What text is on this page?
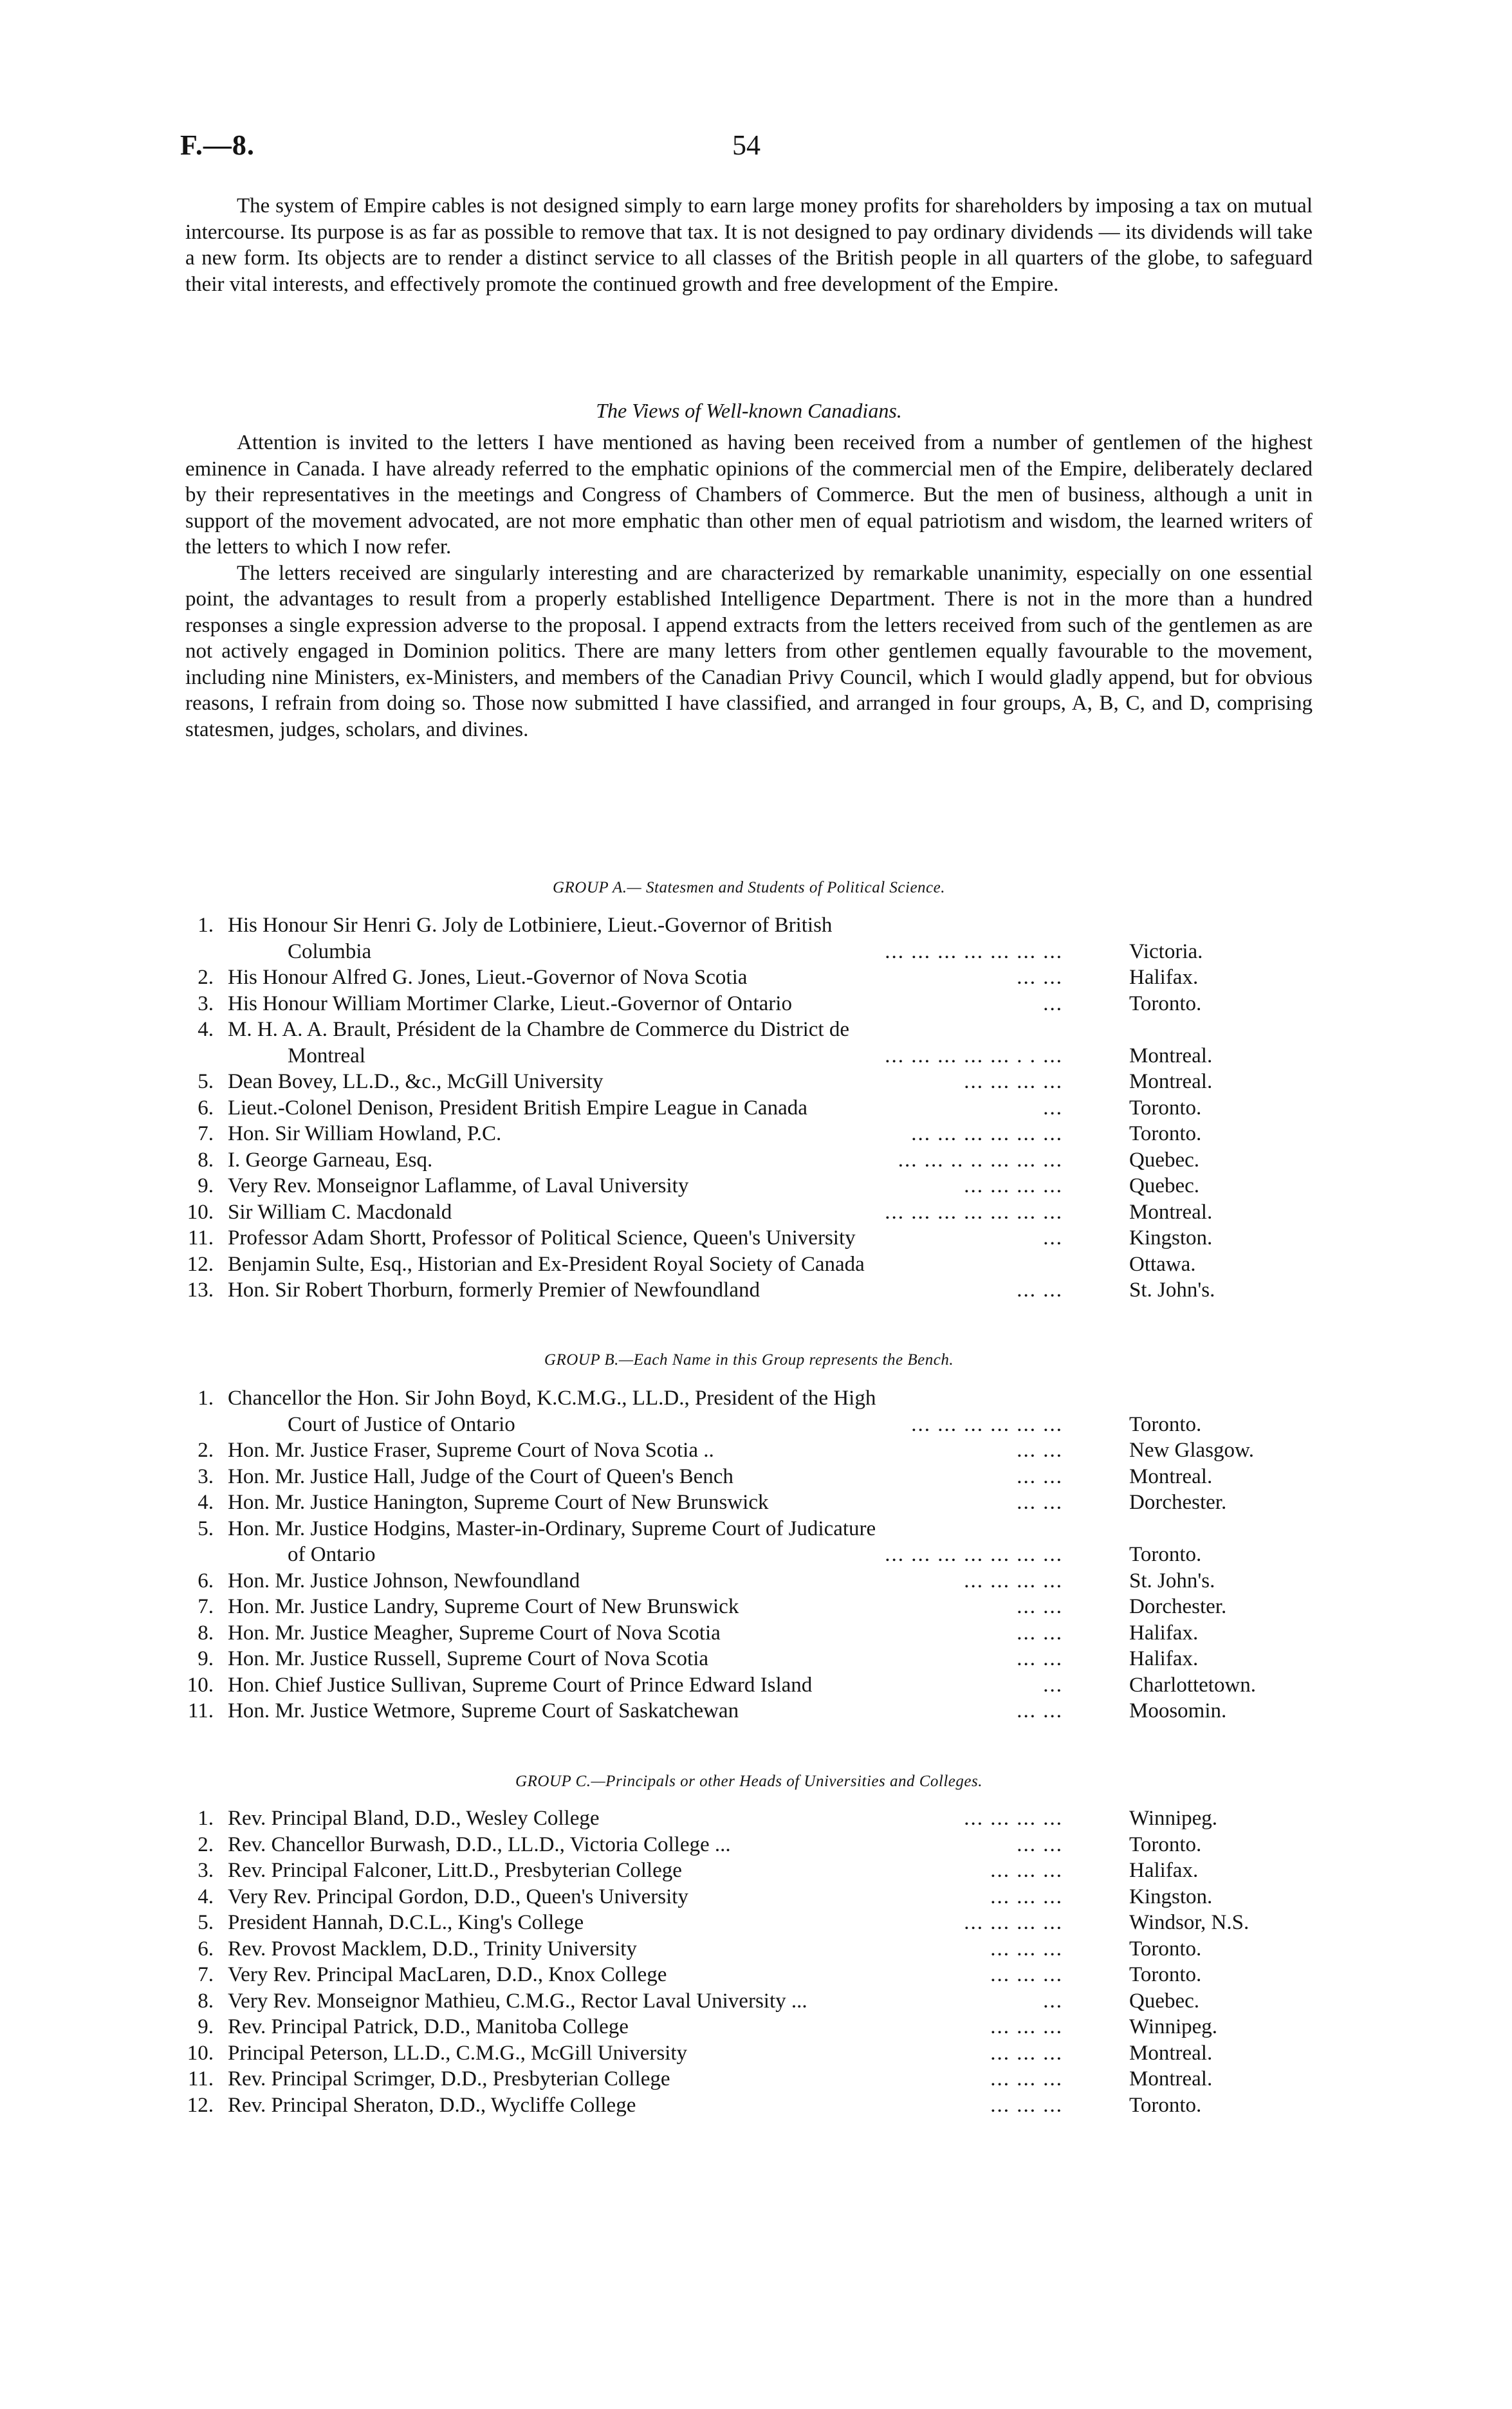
F.—8.	54

The system of Empire cables is not designed simply to earn large money profits for shareholders by imposing a tax on mutual intercourse. Its purpose is as far as possible to remove that tax. It is not designed to pay ordinary dividends — its dividends will take a new form. Its objects are to render a distinct service to all classes of the British people in all quarters of the globe, to safeguard their vital interests, and effectively promote the continued growth and free development of the Empire.

The Views of Well-known Canadians.

Attention is invited to the letters I have mentioned as having been received from a number of gentlemen of the highest eminence in Canada. I have already referred to the emphatic opinions of the commercial men of the Empire, deliberately declared by their representatives in the meetings and Congress of Chambers of Commerce. But the men of business, although a unit in support of the movement advocated, are not more emphatic than other men of equal patriotism and wisdom, the learned writers of the letters to which I now refer.

The letters received are singularly interesting and are characterized by remarkable unanimity, especially on one essential point, the advantages to result from a properly established Intelligence Department. There is not in the more than a hundred responses a single expression adverse to the proposal. I append extracts from the letters received from such of the gentlemen as are not actively engaged in Dominion politics. There are many letters from other gentlemen equally favourable to the movement, including nine Ministers, ex-Ministers, and members of the Canadian Privy Council, which I would gladly append, but for obvious reasons, I refrain from doing so. Those now submitted I have classified, and arranged in four groups, A, B, C, and D, comprising statesmen, judges, scholars, and divines.

GROUP A.— Statesmen and Students of Political Science.
1. His Honour Sir Henri G. Joly de Lotbiniere, Lieut.-Governor of British
Columbia	... ... ... ... ... ... ...	Victoria.
2. His Honour Alfred G. Jones, Lieut.-Governor of Nova Scotia	... ...	Halifax.
3. His Honour William Mortimer Clarke, Lieut.-Governor of Ontario	...	Toronto.
4. M. H. A. A. Brault, Président de la Chambre de Commerce du District de
Montreal	... ... ... ... ... . . ...	Montreal.
5. Dean Bovey, LL.D., &c., McGill University	... ... ... ...	Montreal.
6. Lieut.-Colonel Denison, President British Empire League in Canada	...	Toronto.
7. Hon. Sir William Howland, P.C.	... ... ... ... ... ...	Toronto.
8. I. George Garneau, Esq.	... ... .. .. ... ... ...	Quebec.
9. Very Rev. Monseignor Laflamme, of Laval University	... ... ... ...	Quebec.
10. Sir William C. Macdonald	... ... ... ... ... ... ...	Montreal.
11. Professor Adam Shortt, Professor of Political Science, Queen's University	...	Kingston.
12. Benjamin Sulte, Esq., Historian and Ex-President Royal Society of Canada	Ottawa.
13. Hon. Sir Robert Thorburn, formerly Premier of Newfoundland	... ...	St. John's.
GROUP B.—Each Name in this Group represents the Bench.
1. Chancellor the Hon. Sir John Boyd, K.C.M.G., LL.D., President of the High
Court of Justice of Ontario	... ... ... ... ... ...	Toronto.
2. Hon. Mr. Justice Fraser, Supreme Court of Nova Scotia ..	... ...	New Glasgow.
3. Hon. Mr. Justice Hall, Judge of the Court of Queen's Bench	... ...	Montreal.
4. Hon. Mr. Justice Hanington, Supreme Court of New Brunswick	... ...	Dorchester.
5. Hon. Mr. Justice Hodgins, Master-in-Ordinary, Supreme Court of Judicature
of Ontario	... ... ... ... ... ... ...	Toronto.
6. Hon. Mr. Justice Johnson, Newfoundland	... ... ... ...	St. John's.
7. Hon. Mr. Justice Landry, Supreme Court of New Brunswick	... ...	Dorchester.
8. Hon. Mr. Justice Meagher, Supreme Court of Nova Scotia	... ...	Halifax.
9. Hon. Mr. Justice Russell, Supreme Court of Nova Scotia	... ...	Halifax.
10. Hon. Chief Justice Sullivan, Supreme Court of Prince Edward Island	...	Charlottetown.
11. Hon. Mr. Justice Wetmore, Supreme Court of Saskatchewan	... ...	Moosomin.
GROUP C.—Principals or other Heads of Universities and Colleges.
1. Rev. Principal Bland, D.D., Wesley College	... ... ... ...	Winnipeg.
2. Rev. Chancellor Burwash, D.D., LL.D., Victoria College ...	... ...	Toronto.
3. Rev. Principal Falconer, Litt.D., Presbyterian College	... ... ...	Halifax.
4. Very Rev. Principal Gordon, D.D., Queen's University	... ... ...	Kingston.
5. President Hannah, D.C.L., King's College	... ... ... ...	Windsor, N.S.
6. Rev. Provost Macklem, D.D., Trinity University	... ... ...	Toronto.
7. Very Rev. Principal MacLaren, D.D., Knox College	... ... ...	Toronto.
8. Very Rev. Monseignor Mathieu, C.M.G., Rector Laval University ...	...	Quebec.
9. Rev. Principal Patrick, D.D., Manitoba College	... ... ...	Winnipeg.
10. Principal Peterson, LL.D., C.M.G., McGill University	... ... ...	Montreal.
11. Rev. Principal Scrimger, D.D., Presbyterian College	... ... ...	Montreal.
12. Rev. Principal Sheraton, D.D., Wycliffe College	... ... ...	Toronto.
